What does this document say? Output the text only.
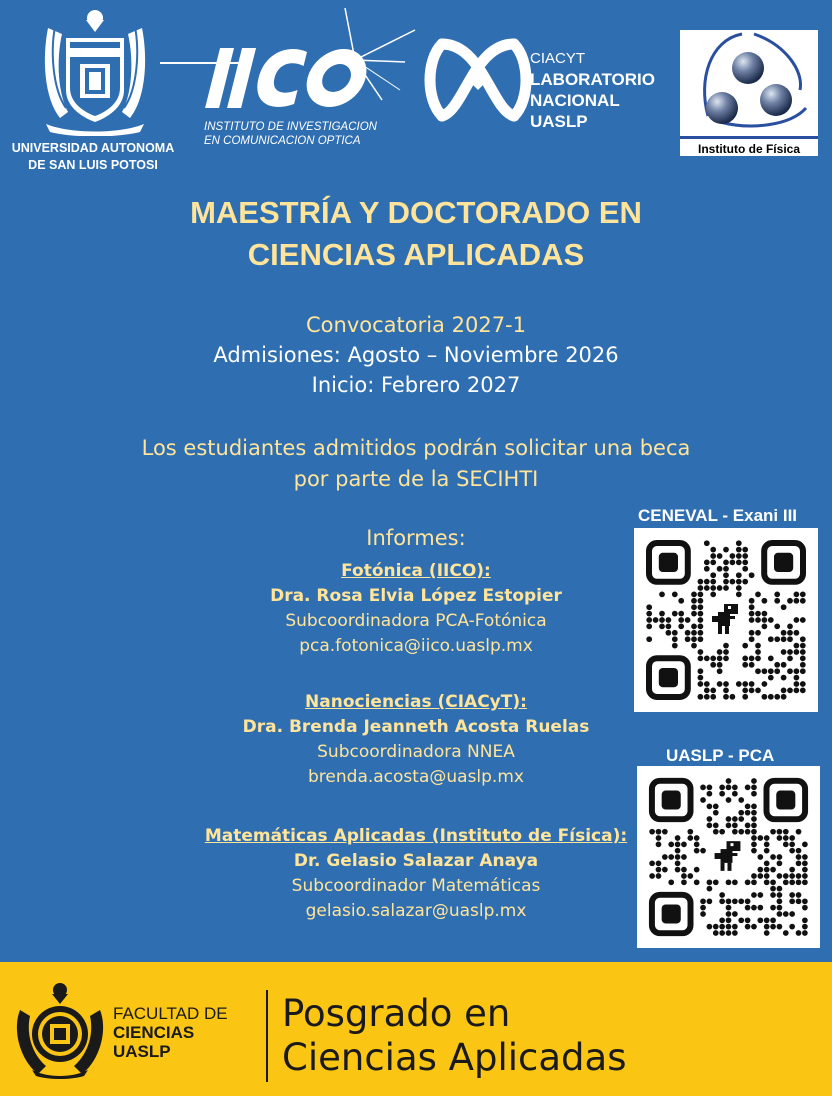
UNIVERSIDAD AUTONOMA
DE SAN LUIS POTOSI
INSTITUTO DE INVESTIGACION
EN COMUNICACION OPTICA
CIACYT
LABORATORIO
NACIONAL
UASLP
Instituto de Física
MAESTRÍA Y DOCTORADO EN
CIENCIAS APLICADAS
Convocatoria 2027-1
Admisiones: Agosto – Noviembre 2026
Inicio: Febrero 2027
Los estudiantes admitidos podrán solicitar una beca
por parte de la SECIHTI
Informes:
Fotónica (IICO):
Dra. Rosa Elvia López Estopier
Subcoordinadora PCA-Fotónica
pca.fotonica@iico.uaslp.mx
Nanociencias (CIACyT):
Dra. Brenda Jeanneth Acosta Ruelas
Subcoordinadora NNEA
brenda.acosta@uaslp.mx
Matemáticas Aplicadas (Instituto de Física):
Dr. Gelasio Salazar Anaya
Subcoordinador Matemáticas
gelasio.salazar@uaslp.mx
CENEVAL - Exani III
UASLP - PCA
FACULTAD DE
CIENCIAS
UASLP
Posgrado en
Ciencias Aplicadas
